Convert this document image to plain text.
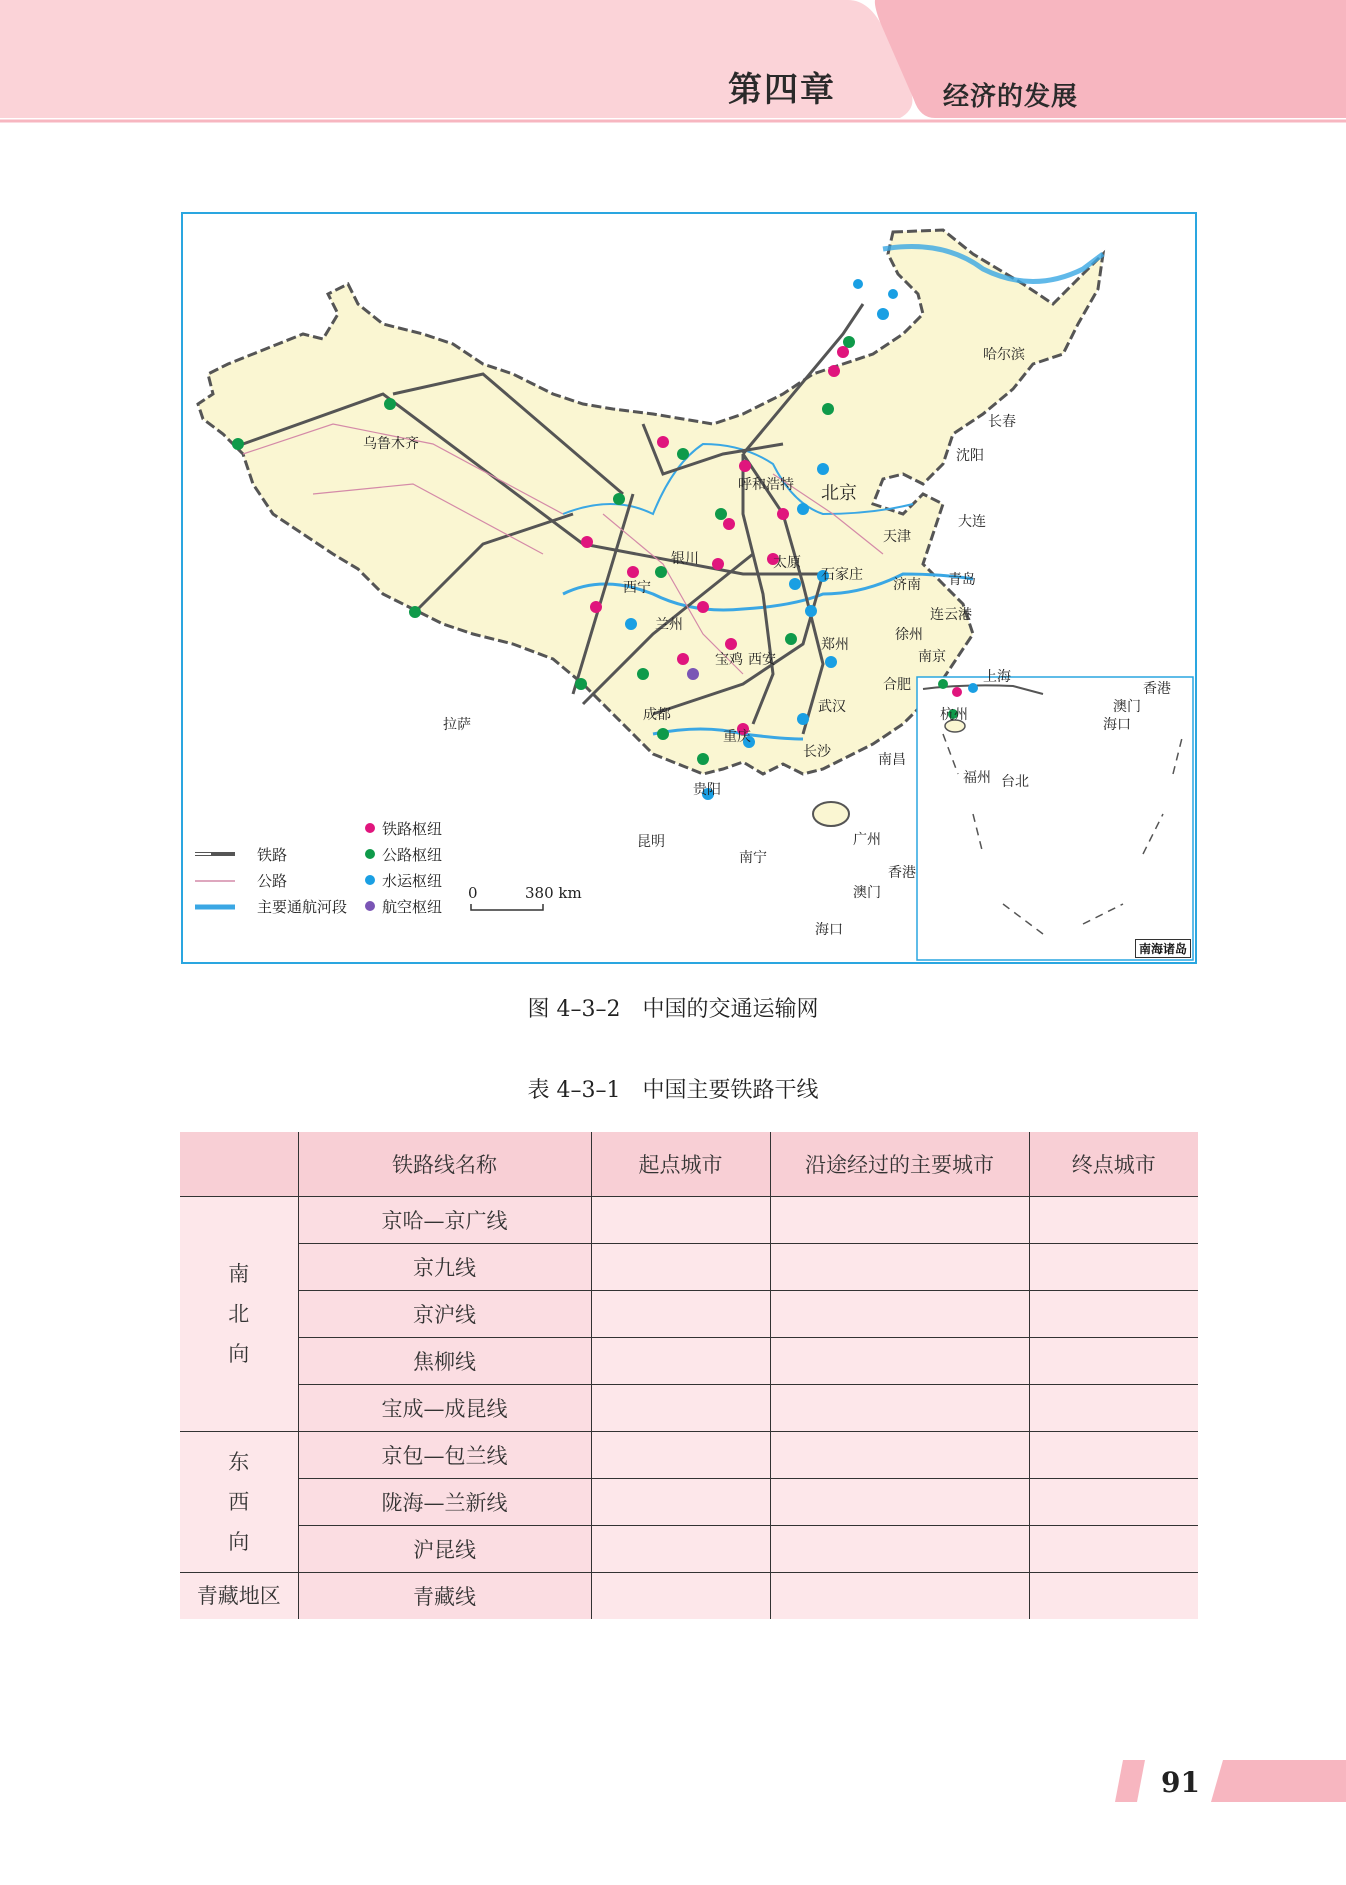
第四章	经济的发展
哈尔滨
长春
沈阳
乌鲁木齐
呼和浩特 北京
大连
天津
银川	太原
石家庄
济南 青岛
西宁
连云港
兰州
徐州
郑州
宝鸡 西安	南京
上海
合肥
成都	武汉	杭州
拉萨
重庆
长沙	南昌
福州 台北
贵阳
昆明	广州
南宁
香港
澳门
海口
香港
澳门
海口
南海诸岛
铁路
公路
主要通航河段
铁路枢纽
公路枢纽
水运枢纽
航空枢纽
0	380 km
图 4–3–2　中国的交通运输网
表 4–3–1　中国主要铁路干线
	铁路线名称	起点城市	沿途经过的主要城市	终点城市

南
北
向	京哈—京广线			
	京九线			
	京沪线			
	焦柳线			
	宝成—成昆线			

东
西
向	京包—包兰线			
	陇海—兰新线			
	沪昆线			
青藏地区	青藏线			
91
